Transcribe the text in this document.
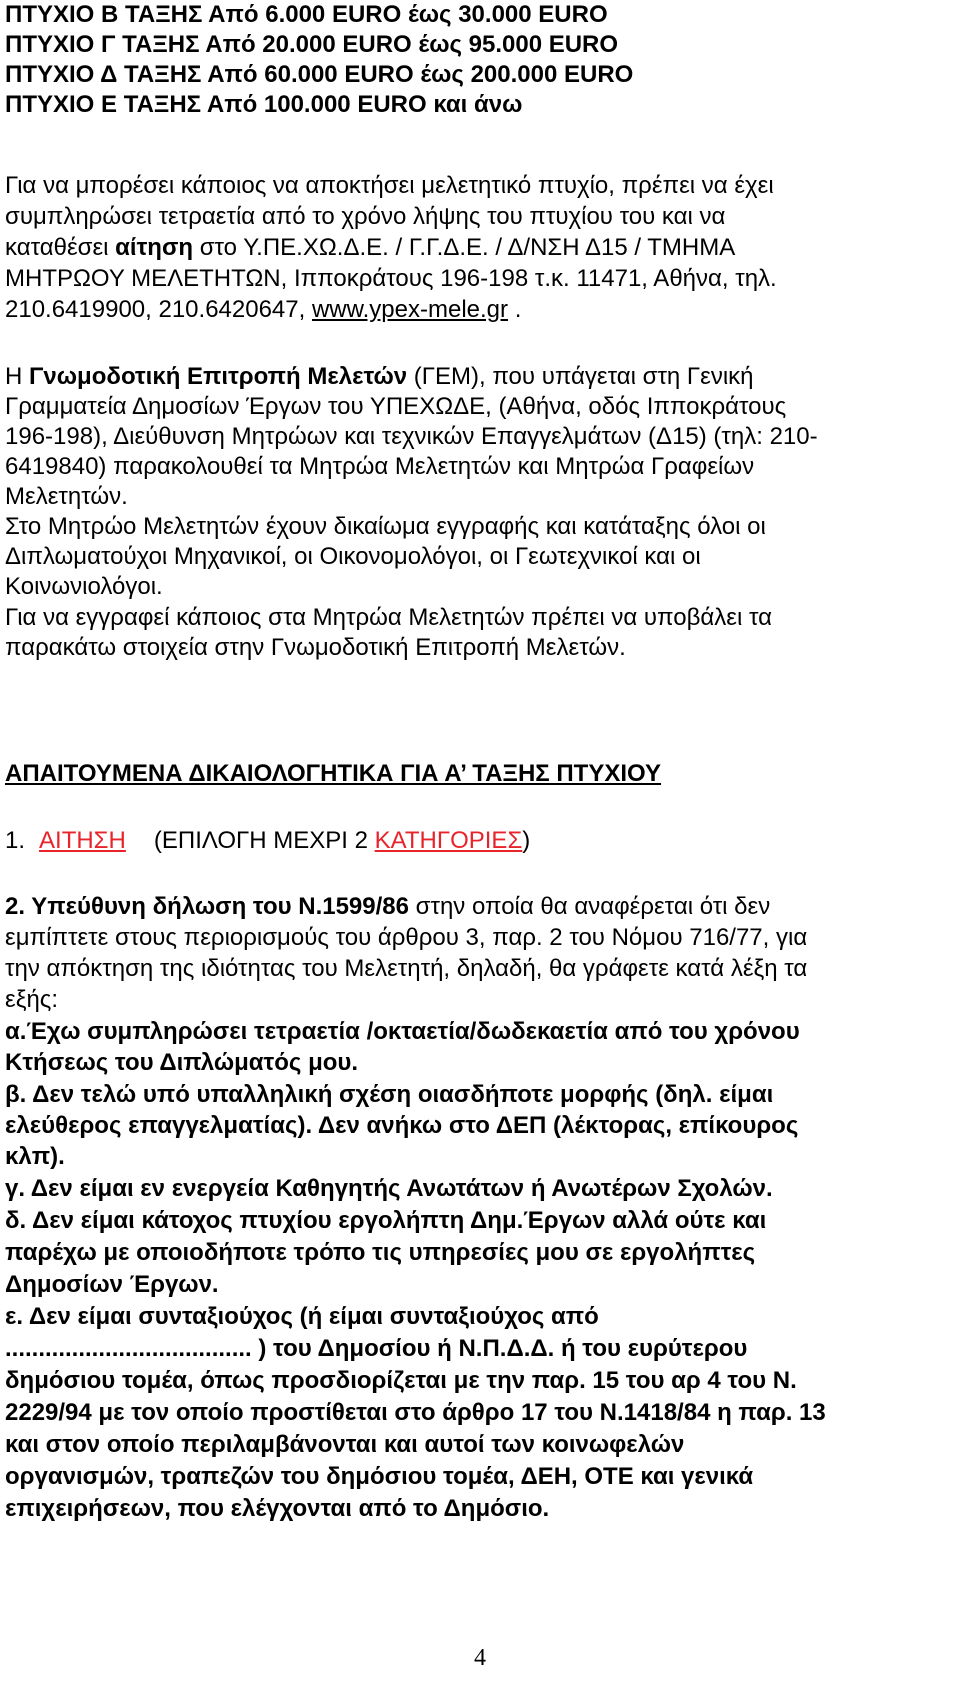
ΠΤΥΧΙΟ Β ΤΑΞΗΣ Από 6.000 EURO έως 30.000 EURO
ΠΤΥΧΙΟ Γ ΤΑΞΗΣ Από 20.000 EURO έως 95.000 EURO
ΠΤΥΧΙΟ Δ ΤΑΞΗΣ Από 60.000 EURO έως 200.000 EURO
ΠΤΥΧΙΟ Ε ΤΑΞΗΣ Από 100.000 EURO και άνω
Για να μπορέσει κάποιος να αποκτήσει μελετητικό πτυχίο, πρέπει να έχει
συμπληρώσει τετραετία από το χρόνο λήψης του πτυχίου του και να
καταθέσει αίτηση στο Υ.ΠΕ.ΧΩ.Δ.Ε. / Γ.Γ.Δ.Ε. / Δ/ΝΣΗ Δ15 / ΤΜΗΜΑ
ΜΗΤΡΩΟΥ ΜΕΛΕΤΗΤΩΝ, Ιπποκράτους 196-198 τ.κ. 11471, Αθήνα, τηλ.
210.6419900, 210.6420647, www.ypex-mele.gr .
Η Γνωμοδοτική Επιτροπή Μελετών (ΓΕΜ), που υπάγεται στη Γενική
Γραμματεία Δημοσίων Έργων του ΥΠΕΧΩΔΕ, (Αθήνα, οδός Ιπποκράτους
196-198), Διεύθυνση Μητρώων και τεχνικών Επαγγελμάτων (Δ15) (τηλ: 210-
6419840) παρακολουθεί τα Μητρώα Μελετητών και Μητρώα Γραφείων
Μελετητών.
Στο Μητρώο Μελετητών έχουν δικαίωμα εγγραφής και κατάταξης όλοι οι
Διπλωματούχοι Μηχανικοί, οι Οικονομολόγοι, οι Γεωτεχνικοί και οι
Κοινωνιολόγοι.
Για να εγγραφεί κάποιος στα Μητρώα Μελετητών πρέπει να υποβάλει τα
παρακάτω στοιχεία στην Γνωμοδοτική Επιτροπή Μελετών.
ΑΠΑΙΤΟΥΜΕΝΑ ΔΙΚΑΙΟΛΟΓΗΤΙΚΑ ΓΙΑ Α’ ΤΑΞΗΣ ΠΤΥΧΙΟΥ
1. ΑΙΤΗΣΗ (ΕΠΙΛΟΓΗ ΜΕΧΡΙ 2 ΚΑΤΗΓΟΡΙΕΣ)
2. Υπεύθυνη δήλωση του Ν.1599/86 στην οποία θα αναφέρεται ότι δεν
εμπίπτετε στους περιορισμούς του άρθρου 3, παρ. 2 του Νόμου 716/77, για
την απόκτηση της ιδιότητας του Μελετητή, δηλαδή, θα γράφετε κατά λέξη τα
εξής:
α.Έχω συμπληρώσει τετραετία /οκταετία/δωδεκαετία από του χρόνου
Κτήσεως του Διπλώματός μου.
β. Δεν τελώ υπό υπαλληλική σχέση οιασδήποτε μορφής (δηλ. είμαι
ελεύθερος επαγγελματίας). Δεν ανήκω στο ΔΕΠ (λέκτορας, επίκουρος
κλπ).
γ. Δεν είμαι εν ενεργεία Καθηγητής Ανωτάτων ή Ανωτέρων Σχολών.
δ. Δεν είμαι κάτοχος πτυχίου εργολήπτη Δημ.Έργων αλλά ούτε και
παρέχω με οποιοδήποτε τρόπο τις υπηρεσίες μου σε εργολήπτες
Δημοσίων Έργων.
ε. Δεν είμαι συνταξιούχος (ή είμαι συνταξιούχος από
..................................... ) του Δημοσίου ή Ν.Π.Δ.Δ. ή του ευρύτερου
δημόσιου τομέα, όπως προσδιορίζεται με την παρ. 15 του αρ 4 του Ν.
2229/94 με τον οποίο προστίθεται στο άρθρο 17 του Ν.1418/84 η παρ. 13
και στον οποίο περιλαμβάνονται και αυτοί των κοινωφελών
οργανισμών, τραπεζών του δημόσιου τομέα, ΔΕΗ, ΟΤΕ και γενικά
επιχειρήσεων, που ελέγχονται από το Δημόσιο.
4
